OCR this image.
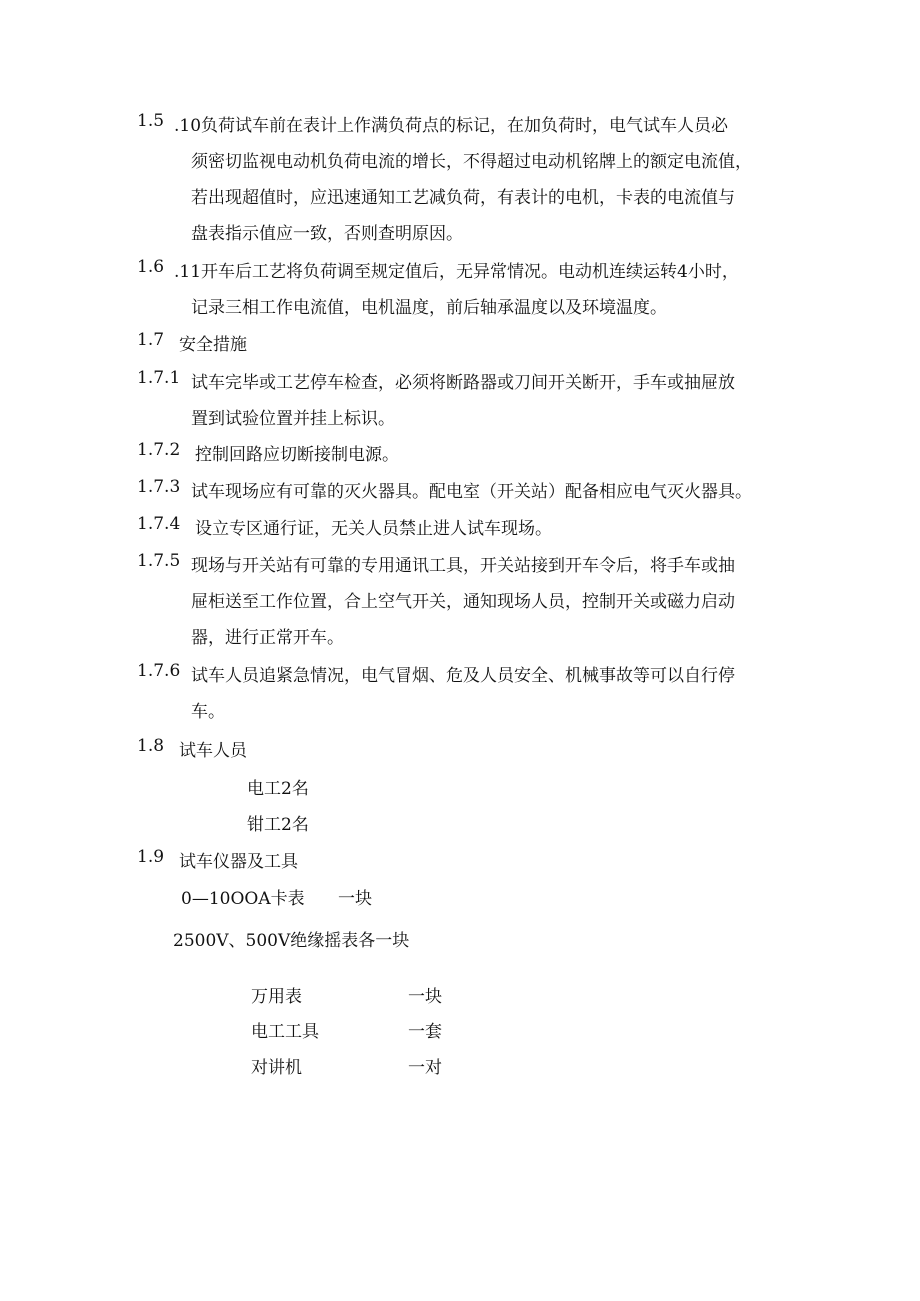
1.5 .10负荷试车前在表计上作满负荷点的标记，在加负荷时，电气试车人员必
须密切监视电动机负荷电流的增长，不得超过电动机铭牌上的额定电流值，
若出现超值时，应迅速通知工艺减负荷，有表计的电机，卡表的电流值与
盘表指示值应一致，否则查明原因。
1.6 .11开车后工艺将负荷调至规定值后，无异常情况。电动机连续运转4小时，
记录三相工作电流值，电机温度，前后轴承温度以及环境温度。
1.7 安全措施
1.7.1 试车完毕或工艺停车检查，必须将断路器或刀间开关断开，手车或抽屉放
置到试验位置并挂上标识。
1.7.2 控制回路应切断接制电源。
1.7.3 试车现场应有可靠的灭火器具。配电室（开关站）配备相应电气灭火器具。
1.7.4 设立专区通行证，无关人员禁止进人试车现场。
1.7.5 现场与开关站有可靠的专用通讯工具，开关站接到开车令后，将手车或抽
屉柜送至工作位置，合上空气开关，通知现场人员，控制开关或磁力启动
器，进行正常开车。
1.7.6 试车人员追紧急情况，电气冒烟、危及人员安全、机械事故等可以自行停
车。
1.8 试车人员
电工2名
钳工2名
1.9 试车仪器及工具
0—10OOA卡表 一块
2500V、500V绝缘摇表各一块
万用表	一块
电工工具	一套
对讲机	一对
